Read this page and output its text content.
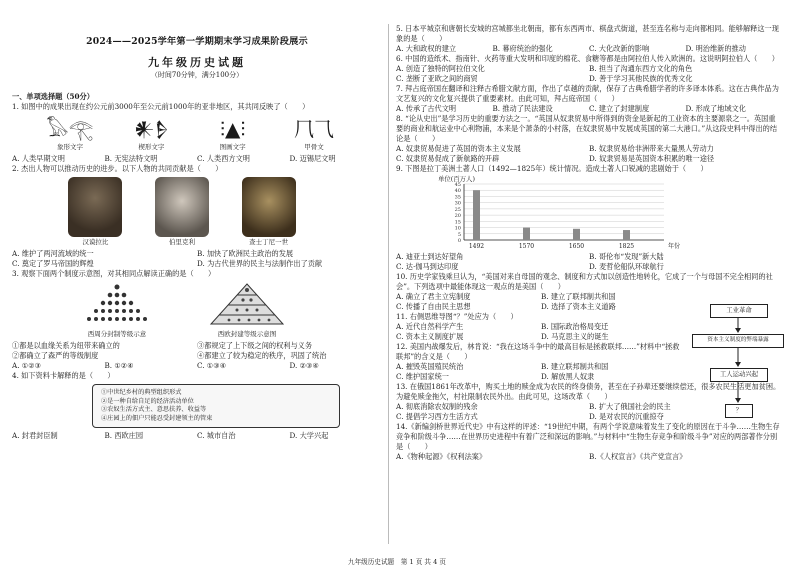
2024——2025学年第一学期期末学习成果阶段展示
九年级历史试题
（时间70分钟，满分100分）
一、单项选择题（50分）
1. 如图中的成果出现在约公元前3000年至公元前1000年的亚非地区，其共同反映了（　　）
𓅃𓂀
象形文字
𒀭𒊩
楔形文字
⫶▲⫶
图画文字
⺇⺄
甲骨文
A. 人类早期文明	B. 无宪法特文明	C. 人类西方文明	D. 迈锡尼文明
2. 杰出人物可以推动历史的进步。以下人物的共同贡献是（　　）
汉谟拉比	伯里克利	查士丁尼一世
A. 维护了两河流域的统一	B. 加快了欧洲民主政治的发展
C. 奠定了罗马帝国的辉煌	D. 为古代世界的民主与法制作出了贡献
3. 观察下面两个制度示意图，对其相同点解读正确的是（　　）
西周分封制等级示意	西欧封建等级示意图
①都是以血缘关系为纽带来确立的	③都规定了上下级之间的权利与义务
②都确立了森严的等级制度	④都建立了较为稳定的秩序，巩固了统治
A. ①②③	B. ①②④	C. ①③④	D. ②③④
4. 如下资料卡解释的是（　　）
①中世纪乡村的典型组织形式
②是一种自给自足的经济活动单位
③农奴生活方式主、意思扶养、收益等
④庄园上的佃户只能忍受封建领主的管束
A. 封君封臣制	B. 西欧庄园	C. 城市自治	D. 大学兴起
5. 日本平城京和唐朝长安城的宫城都坐北朝南，都有东西两市、棋盘式街道，甚至连名称与走向都相同。能够解释这一现象的是（　　）
A. 大和政权的建立	B. 幕府统治的强化	C. 大化改新的影响	D. 明治维新的推动
6. 中国的造纸术、指南针、火药等重大发明和印度的棉花、食糖等都是由阿拉伯人传入欧洲的。这说明阿拉伯人（　　）
A. 创造了独特的阿拉伯文化	B. 担当了沟通东西方文化的角色
C. 垄断了亚欧之间的商贸	D. 善于学习其他民族的优秀文化
7. 拜占庭帝国在翻译和注释古希腊文献方面，作出了卓越的贡献，保存了古典希腊学者的许多译本体系。这在古典作品为文艺复兴的文化复兴提供了重要素材。由此可知，拜占庭帝国（　　）
A. 传承了古代文明	B. 推动了民法建设	C. 建立了封建制度	D. 形成了地域文化
8. “论从史出”是学习历史的重要方法之一。“英国从奴隶贸易中所得到的资金是新起的工业资本的主要源泉之一。英国重要的商业和航运业中心利物浦，本来是个萧条的小村落，在奴隶贸易中发展成英国的第二大港口。”从这段史料中得出的结论是（　　）
A. 奴隶贸易促进了英国的资本主义发展	B. 奴隶贸易给非洲带来大量黑人劳动力
C. 奴隶贸易促成了新航路的开辟	D. 奴隶贸易是英国资本积累的唯一途径
9. 下图是拉丁美洲土著人口（1492—1825年）统计情况。造成土著人口锐减的悲剧始于（　　）
单位(百万人)
45
40
35
30
25
20
15
10
5
0
1492	1570	1650	1825	年份
A. 迪亚士到达好望角	B. 哥伦布“发现”新大陆
C. 达·伽马到达印度	D. 麦哲伦船队环球航行
10. 历史学家钱乘旦认为，“美国对来自母国的观念、制度和方式加以创造性地转化，它成了一个与母国不完全相同的社会”。下列选项中最能体现这一观点的是美国（　　）
A. 确立了君主立宪制度	B. 建立了联邦制共和国
C. 传播了自由民主思想	D. 选择了资本主义道路
11. 右侧思维导图“？”处应为（　　）
A. 近代自然科学产生	B. 国际政治格局变迁
C. 资本主义制度扩展	D. 马克思主义的诞生
12. 美国内战爆发后，林肯说：“我在这场斗争中的最高目标是拯救联邦……”材料中“拯救联邦”的含义是（　　）
A. 摧毁英国殖民统治	B. 建立联邦制共和国
C. 维护国家统一	D. 解放黑人奴隶
13. 在俄国1861年改革中，购买土地的赎金成为农民的终身债务，甚至在子孙辈还要继续偿还，很多农民生活更加贫困。为避免赎金拖欠，村社限制农民外出。由此可见，这场改革（　　）
A. 彻底消除农奴制的残余	B. 扩大了俄国社会的民主
C. 提倡学习西方生活方式	D. 是对农民的沉重掠夺
14.《新编剑桥世界近代史》中有这样的评述：“19世纪中期，有两个学说意味着发生了变化的原因在于斗争……生物生存竞争和阶级斗争……在世界历史进程中有着广泛和深远的影响。”与材料中“生物生存竞争和阶级斗争”对应的两部著作分别是（　　）
A.《物种起源》《权利法案》	B.《人权宣言》《共产党宣言》
工业革命
资本主义制度的弊端暴露
工人运动兴起
？
九年级历史试题　第 1 页 共 4 页
